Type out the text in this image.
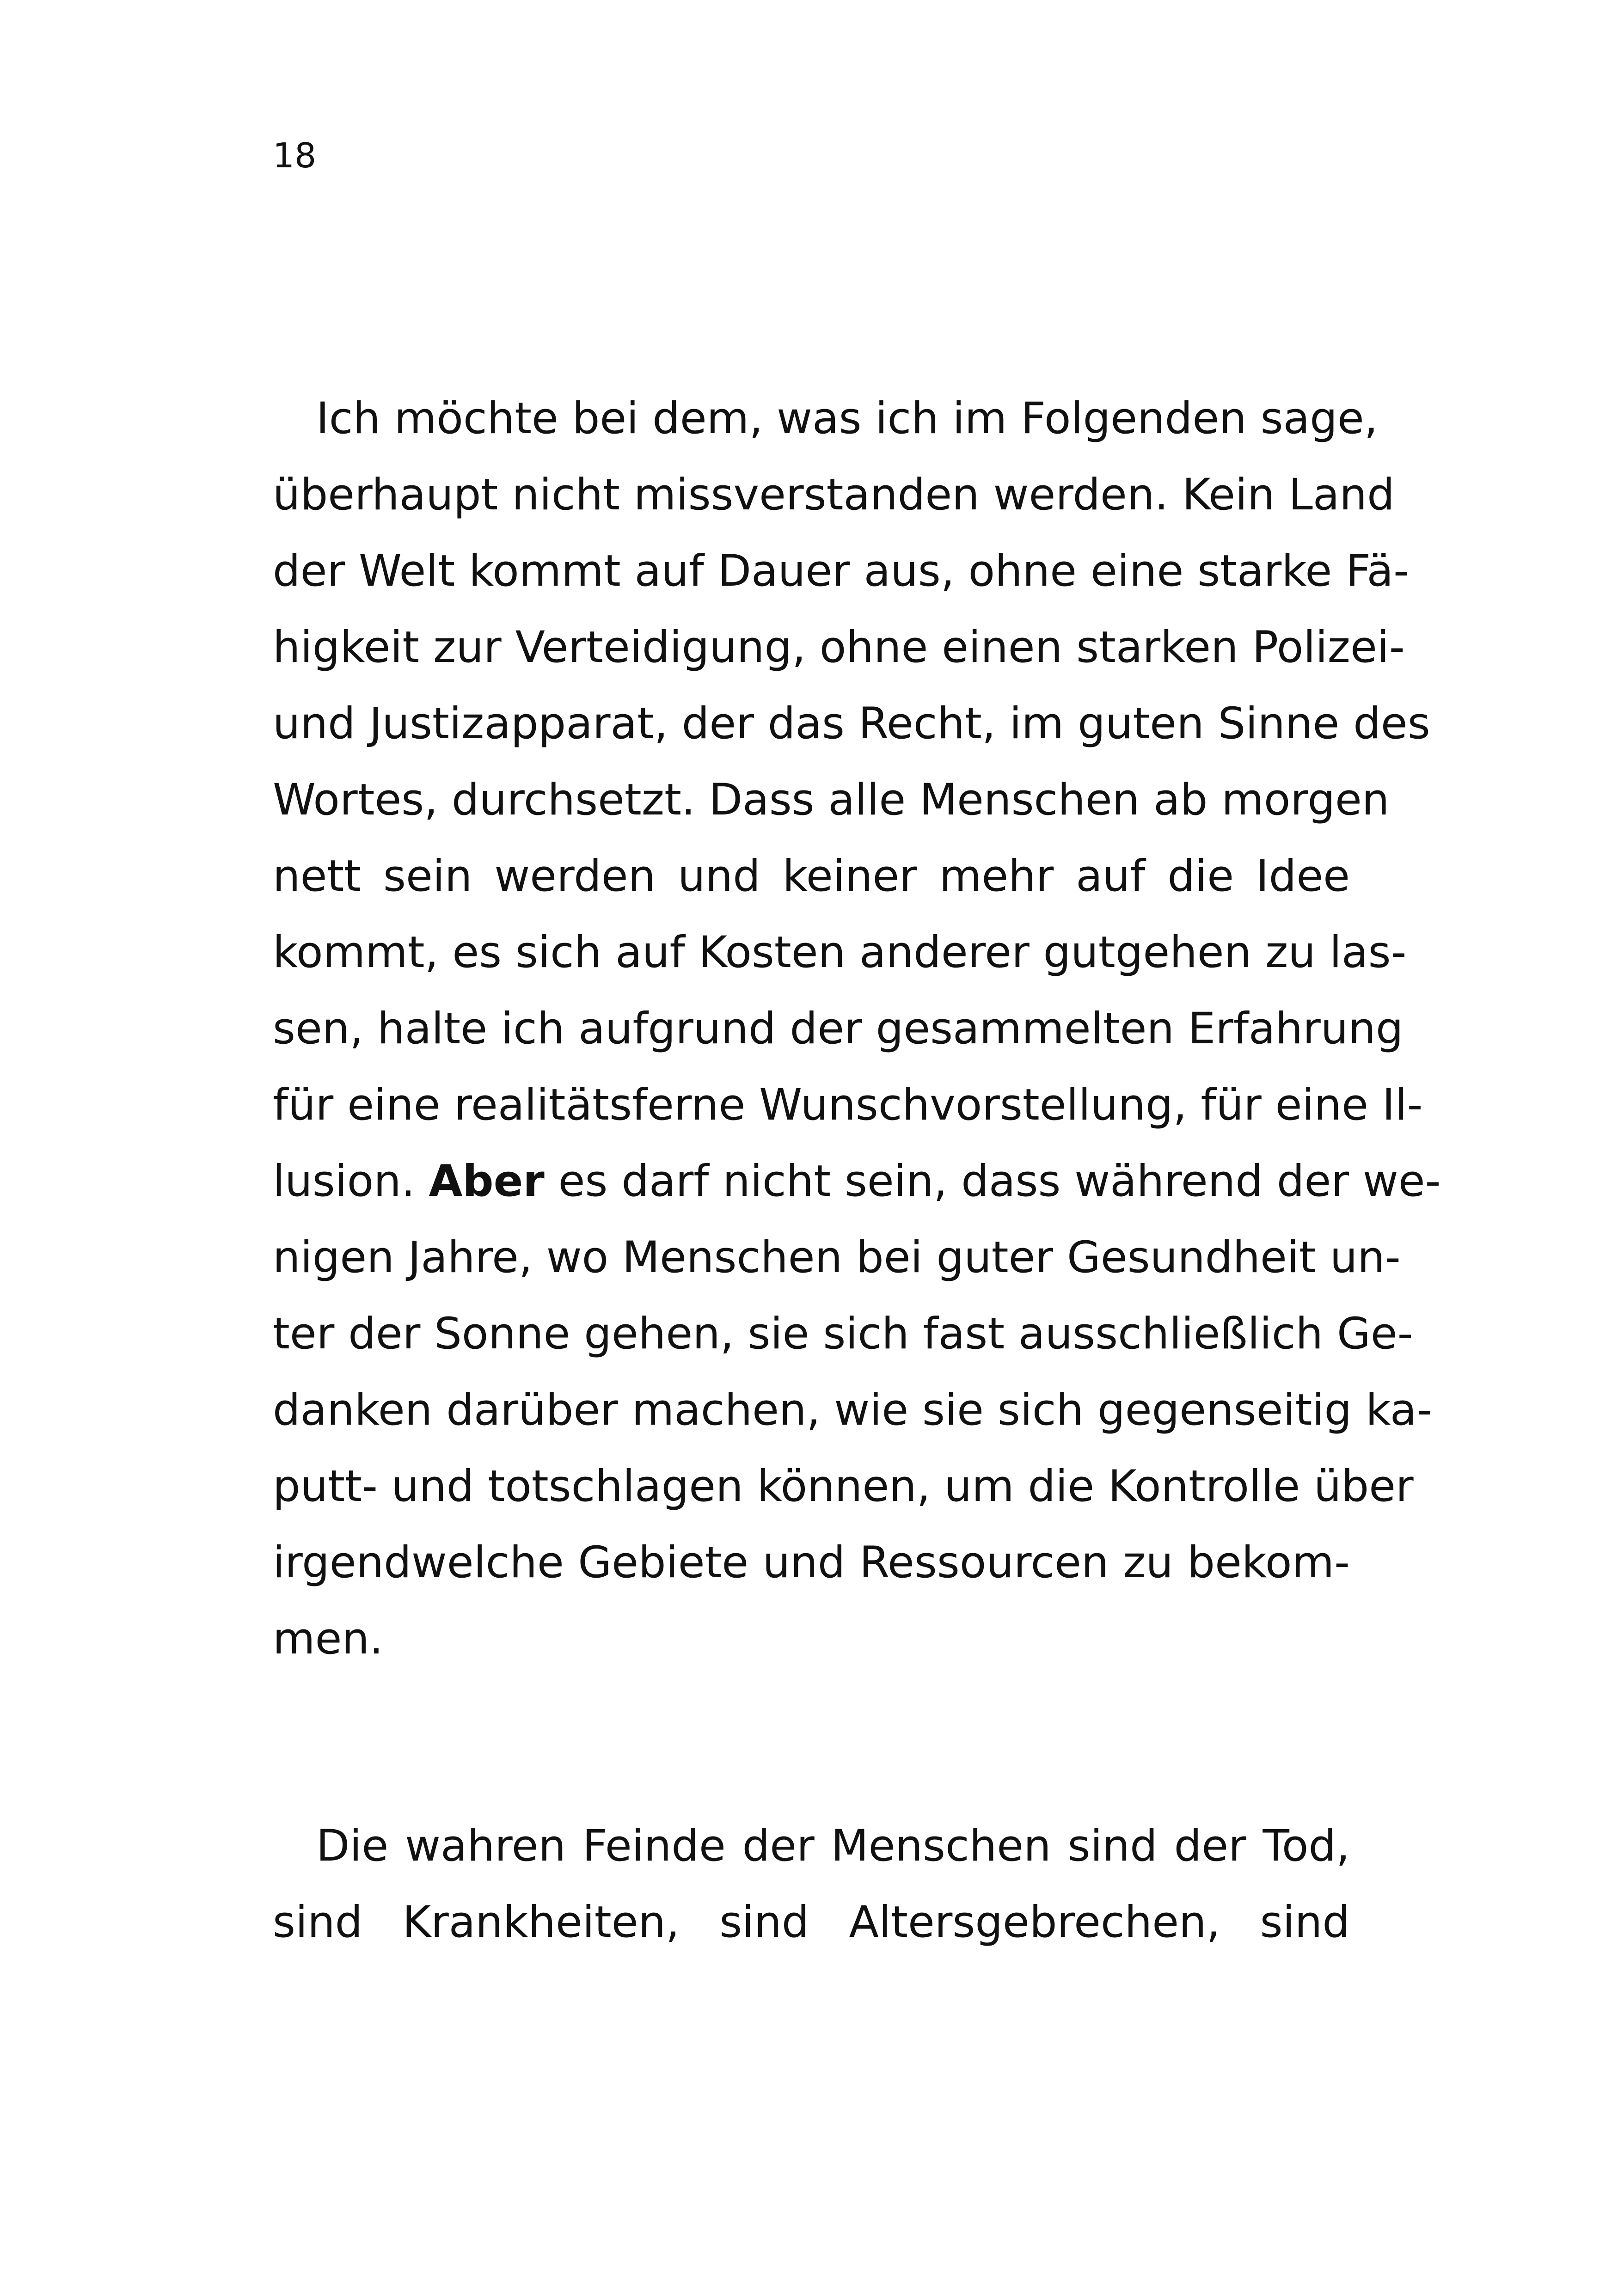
18
 Ich möchte bei dem, was ich im Folgenden sage,
überhaupt nicht missverstanden werden. Kein Land
der Welt kommt auf Dauer aus, ohne eine starke Fä-
higkeit zur Verteidigung, ohne einen starken Polizei-
und Justizapparat, der das Recht, im guten Sinne des
Wortes, durchsetzt. Dass alle Menschen ab morgen
nett sein werden und keiner mehr auf die Idee
kommt, es sich auf Kosten anderer gutgehen zu las-
sen, halte ich aufgrund der gesammelten Erfahrung
für eine realitätsferne Wunschvorstellung, für eine Il-
lusion. Aber es darf nicht sein, dass während der we-
nigen Jahre, wo Menschen bei guter Gesundheit un-
ter der Sonne gehen, sie sich fast ausschließlich Ge-
danken darüber machen, wie sie sich gegenseitig ka-
putt- und totschlagen können, um die Kontrolle über
irgendwelche Gebiete und Ressourcen zu bekom-
men.
 Die wahren Feinde der Menschen sind der Tod,
sind Krankheiten, sind Altersgebrechen, sind
